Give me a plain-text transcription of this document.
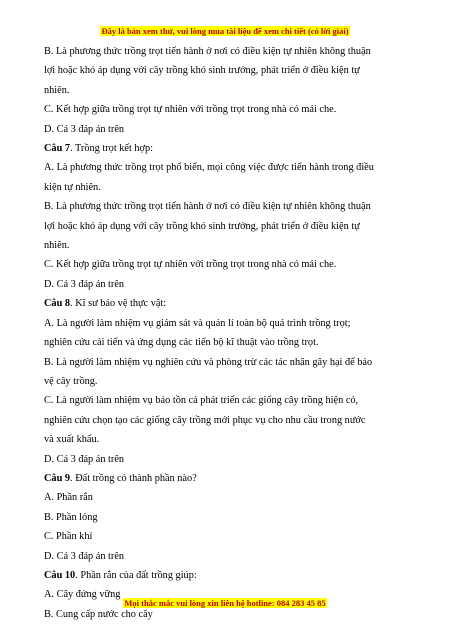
Đây là bản xem thử, vui lòng mua tài liệu để xem chi tiết (có lời giải)
B. Là phương thức trồng trọt tiến hành ở nơi có điều kiện tự nhiên không thuận
lợi hoặc khó áp dụng với cây trồng khó sinh trưởng, phát triển ở điều kiện tự
nhiên.
C. Kết hợp giữa trồng trọt tự nhiên với trồng trọt trong nhà có mái che.
D. Cả 3 đáp án trên
Câu 7. Trồng trọt kết hợp:
A. Là phương thức trồng trọt phổ biến, mọi công việc được tiến hành trong điều
kiện tự nhiên.
B. Là phương thức trồng trọt tiến hành ở nơi có điều kiện tự nhiên không thuận
lợi hoặc khó áp dụng với cây trồng khó sinh trưởng, phát triển ở điều kiện tự
nhiên.
C. Kết hợp giữa trồng trọt tự nhiên với trồng trọt trong nhà có mái che.
D. Cả 3 đáp án trên
Câu 8. Kĩ sư bảo vệ thực vật:
A. Là người làm nhiệm vụ giám sát và quản lí toàn bộ quá trình trồng trọt;
nghiên cứu cải tiến và ứng dụng các tiến bộ kĩ thuật vào trồng trọt.
B. Là người làm nhiệm vụ nghiên cứu và phòng trừ các tác nhân gây hại để bảo
vệ cây trồng.
C. Là người làm nhiệm vụ bảo tồn cả phát triển các giống cây trồng hiện có,
nghiên cứu chọn tạo các giống cây trồng mới phục vụ cho nhu cầu trong nước
và xuất khẩu.
D. Cả 3 đáp án trên
Câu 9. Đất trồng có thành phần nào?
A. Phần rắn
B. Phần lỏng
C. Phần khí
D. Cả 3 đáp án trên
Câu 10. Phần rắn của đất trồng giúp:
A. Cây đứng vững
B. Cung cấp nước cho cây
Mọi thắc mắc vui lòng xin liên hệ hotline: 084 283 45 85
